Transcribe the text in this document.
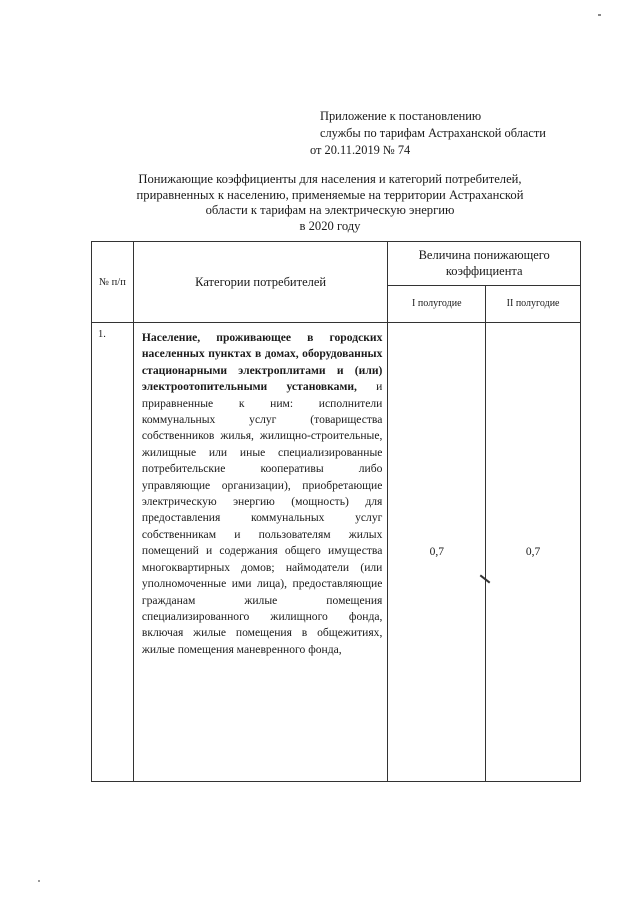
Приложение к постановлению
службы по тарифам Астраханской области
от 20.11.2019 № 74
Понижающие коэффициенты для населения и категорий потребителей,
приравненных к населению, применяемые на территории Астраханской
области к тарифам на электрическую энергию
в 2020 году
№ п/п	Категории потребителей	Величина понижающего коэффициента	
		I полугодие	II полугодие
1.	Население, проживающее в городских населенных пунктах в домах, оборудованных стационарными электроплитами и (или) электроотопительными установками, и приравненные к ним: исполнители коммунальных услуг (товарищества собственников жилья, жилищно-строительные, жилищные или иные специализированные потребительские кооперативы либо управляющие организации), приобретающие электрическую энергию (мощность) для предоставления коммунальных услуг собственникам и пользователям жилых помещений и содержания общего имущества многоквартирных домов; наймодатели (или уполномоченные ими лица), предоставляющие гражданам жилые помещения специализированного жилищного фонда, включая жилые помещения в общежитиях, жилые помещения маневренного фонда,	0,7	0,7
